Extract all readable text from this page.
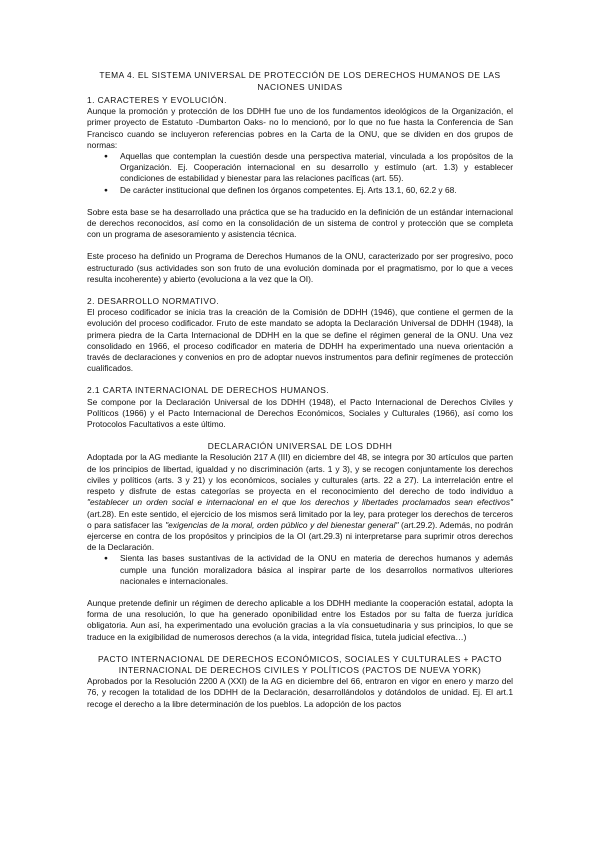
TEMA 4. EL SISTEMA UNIVERSAL DE PROTECCIÓN DE LOS DERECHOS HUMANOS DE LAS NACIONES UNIDAS
1. CARACTERES Y EVOLUCIÓN.

Aunque la promoción y protección de los DDHH fue uno de los fundamentos ideológicos de la Organización, el primer proyecto de Estatuto -Dumbarton Oaks- no lo mencionó, por lo que no fue hasta la Conferencia de San Francisco cuando se incluyeron referencias pobres en la Carta de la ONU, que se dividen en dos grupos de normas:

● Aquellas que contemplan la cuestión desde una perspectiva material, vinculada a los propósitos de la Organización. Ej. Cooperación internacional en su desarrollo y estímulo (art. 1.3) y establecer condiciones de estabilidad y bienestar para las relaciones pacíficas (art. 55).
● De carácter institucional que definen los órganos competentes. Ej. Arts 13.1, 60, 62.2 y 68.

Sobre esta base se ha desarrollado una práctica que se ha traducido en la definición de un estándar internacional de derechos reconocidos, así como en la consolidación de un sistema de control y protección que se completa con un programa de asesoramiento y asistencia técnica.

Este proceso ha definido un Programa de Derechos Humanos de la ONU, caracterizado por ser progresivo, poco estructurado (sus actividades son son fruto de una evolución dominada por el pragmatismo, por lo que a veces resulta incoherente) y abierto (evoluciona a la vez que la OI).

2. DESARROLLO NORMATIVO.

El proceso codificador se inicia tras la creación de la Comisión de DDHH (1946), que contiene el germen de la evolución del proceso codificador. Fruto de este mandato se adopta la Declaración Universal de DDHH (1948), la primera piedra de la Carta Internacional de DDHH en la que se define el régimen general de la ONU. Una vez consolidado en 1966, el proceso codificador en materia de DDHH ha experimentado una nueva orientación a través de declaraciones y convenios en pro de adoptar nuevos instrumentos para definir regímenes de protección cualificados.

2.1 CARTA INTERNACIONAL DE DERECHOS HUMANOS.

Se compone por la Declaración Universal de los DDHH (1948), el Pacto Internacional de Derechos Civiles y Políticos (1966) y el Pacto Internacional de Derechos Económicos, Sociales y Culturales (1966), así como los Protocolos Facultativos a este último.

DECLARACIÓN UNIVERSAL DE LOS DDHH

Adoptada por la AG mediante la Resolución 217 A (III) en diciembre del 48, se integra por 30 artículos que parten de los principios de libertad, igualdad y no discriminación (arts. 1 y 3), y se recogen conjuntamente los derechos civiles y políticos (arts. 3 y 21) y los económicos, sociales y culturales (arts. 22 a 27). La interrelación entre el respeto y disfrute de estas categorías se proyecta en el reconocimiento del derecho de todo individuo a "establecer un orden social e internacional en el que los derechos y libertades proclamados sean efectivos" (art.28). En este sentido, el ejercicio de los mismos será limitado por la ley, para proteger los derechos de terceros o para satisfacer las "exigencias de la moral, orden público y del bienestar general" (art.29.2). Además, no podrán ejercerse en contra de los propósitos y principios de la OI (art.29.3) ni interpretarse para suprimir otros derechos de la Declaración.

● Sienta las bases sustantivas de la actividad de la ONU en materia de derechos humanos y además cumple una función moralizadora básica al inspirar parte de los desarrollos normativos ulteriores nacionales e internacionales.

Aunque pretende definir un régimen de derecho aplicable a los DDHH mediante la cooperación estatal, adopta la forma de una resolución, lo que ha generado oponibilidad entre los Estados por su falta de fuerza jurídica obligatoria. Aun así, ha experimentado una evolución gracias a la vía consuetudinaria y sus principios, lo que se traduce en la exigibilidad de numerosos derechos (a la vida, integridad física, tutela judicial efectiva…)

PACTO INTERNACIONAL DE DERECHOS ECONÓMICOS, SOCIALES Y CULTURALES + PACTO INTERNACIONAL DE DERECHOS CIVILES Y POLÍTICOS (PACTOS DE NUEVA YORK)

Aprobados por la Resolución 2200 A (XXI) de la AG en diciembre del 66, entraron en vigor en enero y marzo del 76, y recogen la totalidad de los DDHH de la Declaración, desarrollándolos y dotándolos de unidad. Ej. El art.1 recoge el derecho a la libre determinación de los pueblos. La adopción de los pactos
